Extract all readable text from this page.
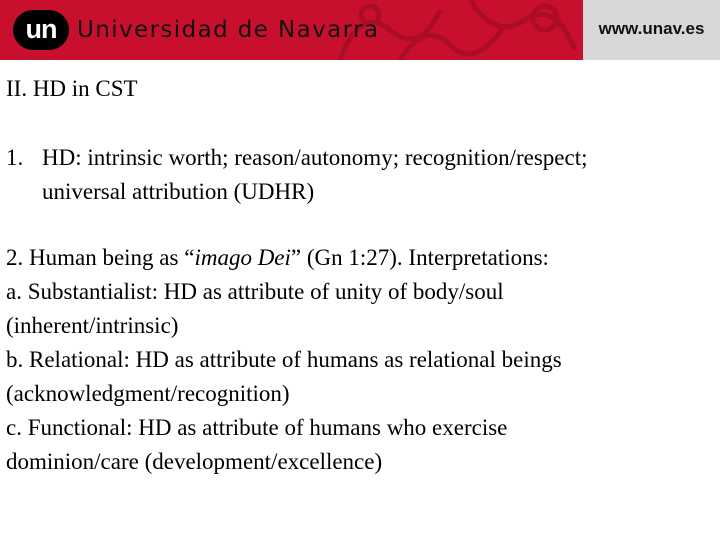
un Universidad de Navarra	www.unav.es
II. HD in CST
1. HD: intrinsic worth; reason/autonomy; recognition/respect;
universal attribution (UDHR)
2. Human being as “imago Dei” (Gn 1:27). Interpretations:
a. Substantialist: HD as attribute of unity of body/soul
(inherent/intrinsic)
b. Relational: HD as attribute of humans as relational beings
(acknowledgment/recognition)
c. Functional: HD as attribute of humans who exercise
dominion/care (development/excellence)
